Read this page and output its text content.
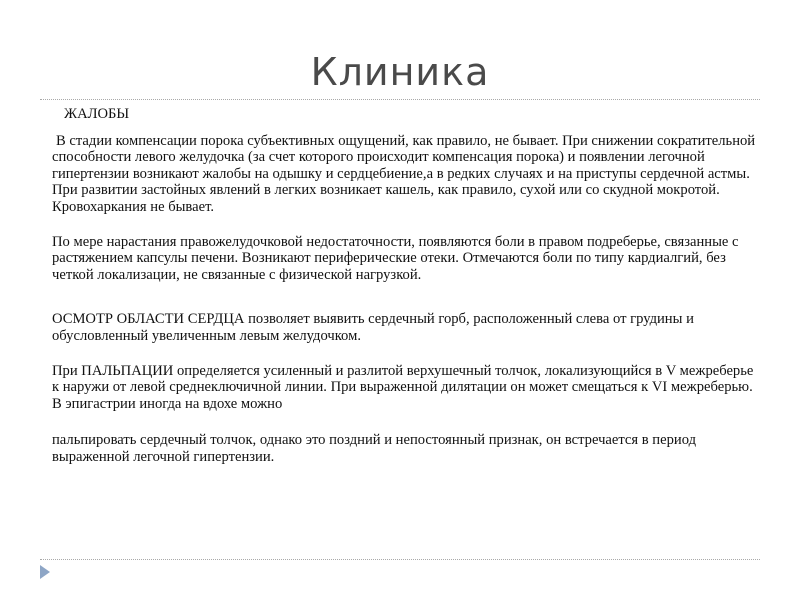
Клиника

ЖАЛОБЫ

В стадии компенсации порока субъективных ощущений, как правило, не бывает. При снижении сократительной способности левого желудочка (за счет которого происходит компенсация порока) и появлении легочной гипертензии возникают жалобы на одышку и сердцебиение,а в редких случаях и на приступы сердечной астмы. При развитии застойных явлений в легких возникает кашель, как правило, сухой или со скудной мокротой. Кровохаркания не бывает.

По мере нарастания правожелудочковой недостаточности, появляются боли в правом подреберье, связанные с растяжением капсулы печени. Возникают периферические отеки. Отмечаются боли по типу кардиалгий, без четкой локализации, не связанные с физической нагрузкой.

ОСМОТР ОБЛАСТИ СЕРДЦА позволяет выявить сердечный горб, расположенный слева от грудины и обусловленный увеличенным левым желудочком.

При ПАЛЬПАЦИИ определяется усиленный и разлитой верхушечный толчок, локализующийся в V межреберье к наружи от левой среднеключичной линии. При выраженной дилятации он может смещаться к VI межреберью. В эпигастрии иногда на вдохе можно

пальпировать сердечный толчок, однако это поздний и непостоянный признак, он встречается в период выраженной легочной гипертензии.
